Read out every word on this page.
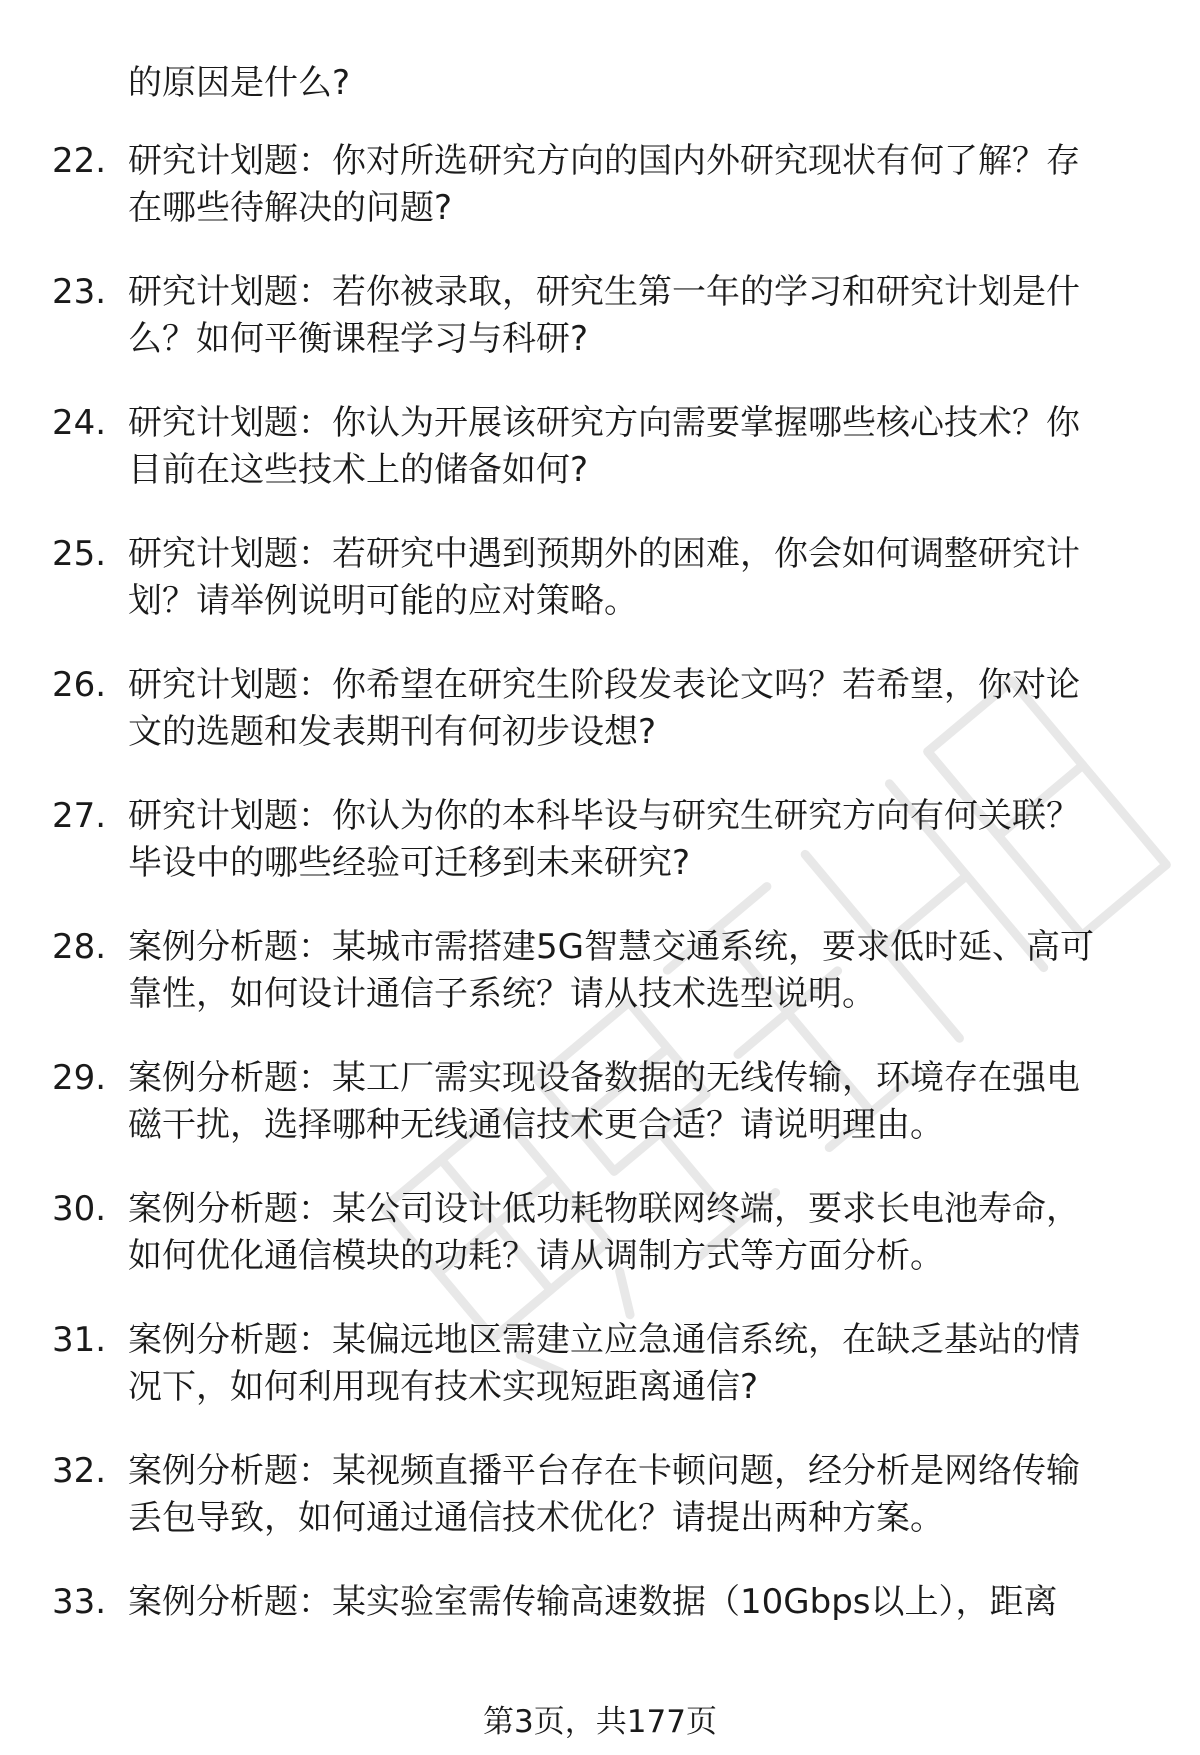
的原因是什么?
22. 研究计划题：你对所选研究方向的国内外研究现状有何了解？存
在哪些待解决的问题?
23. 研究计划题：若你被录取，研究生第一年的学习和研究计划是什
么？如何平衡课程学习与科研?
24. 研究计划题：你认为开展该研究方向需要掌握哪些核心技术？你
目前在这些技术上的储备如何?
25. 研究计划题：若研究中遇到预期外的困难，你会如何调整研究计
划？请举例说明可能的应对策略。
26. 研究计划题：你希望在研究生阶段发表论文吗？若希望，你对论
文的选题和发表期刊有何初步设想?
27. 研究计划题：你认为你的本科毕设与研究生研究方向有何关联？
毕设中的哪些经验可迁移到未来研究?
28. 案例分析题：某城市需搭建5G智慧交通系统，要求低时延、高可
靠性，如何设计通信子系统？请从技术选型说明。
29. 案例分析题：某工厂需实现设备数据的无线传输，环境存在强电
磁干扰，选择哪种无线通信技术更合适？请说明理由。
30. 案例分析题：某公司设计低功耗物联网终端，要求长电池寿命，
如何优化通信模块的功耗？请从调制方式等方面分析。
31. 案例分析题：某偏远地区需建立应急通信系统，在缺乏基站的情
况下，如何利用现有技术实现短距离通信?
32. 案例分析题：某视频直播平台存在卡顿问题，经分析是网络传输
丢包导致，如何通过通信技术优化？请提出两种方案。
33. 案例分析题：某实验室需传输高速数据（10Gbps以上），距离
第3页，共177页
